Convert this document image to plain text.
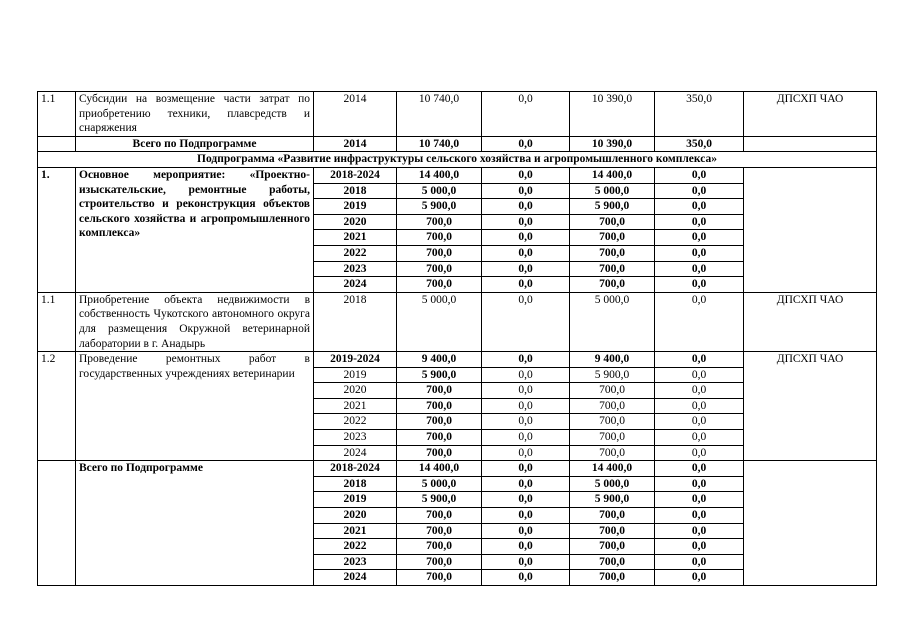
1.1	Субсидии на возмещение части затрат по приобретению техники, плавсредств и снаряжения	2014	10 740,0	0,0	10 390,0	350,0	ДПСХП ЧАО
	Всего по Подпрограмме	2014	10 740,0	0,0	10 390,0	350,0	
Подпрограмма «Развитие инфраструктуры сельского хозяйства и агропромышленного комплекса»							
1.	Основное мероприятие: «Проектно-изыскательские, ремонтные работы, строительство и реконструкция объектов сельского хозяйства и агропромышленного комплекса»	2018-2024	14 400,0	0,0	14 400,0	0,0	
		2018	5 000,0	0,0	5 000,0	0,0	
		2019	5 900,0	0,0	5 900,0	0,0	
		2020	700,0	0,0	700,0	0,0	
		2021	700,0	0,0	700,0	0,0	
		2022	700,0	0,0	700,0	0,0	
		2023	700,0	0,0	700,0	0,0	
		2024	700,0	0,0	700,0	0,0	
1.1	Приобретение объекта недвижимости в собственность Чукотского автономного округа для размещения Окружной ветеринарной лаборатории в г. Анадырь	2018	5 000,0	0,0	5 000,0	0,0	ДПСХП ЧАО
1.2	Проведение ремонтных работ в государственных учреждениях ветеринарии	2019-2024	9 400,0	0,0	9 400,0	0,0	ДПСХП ЧАО
		2019	5 900,0	0,0	5 900,0	0,0	
		2020	700,0	0,0	700,0	0,0	
		2021	700,0	0,0	700,0	0,0	
		2022	700,0	0,0	700,0	0,0	
		2023	700,0	0,0	700,0	0,0	
		2024	700,0	0,0	700,0	0,0	
	Всего по Подпрограмме	2018-2024	14 400,0	0,0	14 400,0	0,0	
		2018	5 000,0	0,0	5 000,0	0,0	
		2019	5 900,0	0,0	5 900,0	0,0	
		2020	700,0	0,0	700,0	0,0	
		2021	700,0	0,0	700,0	0,0	
		2022	700,0	0,0	700,0	0,0	
		2023	700,0	0,0	700,0	0,0	
		2024	700,0	0,0	700,0	0,0	
